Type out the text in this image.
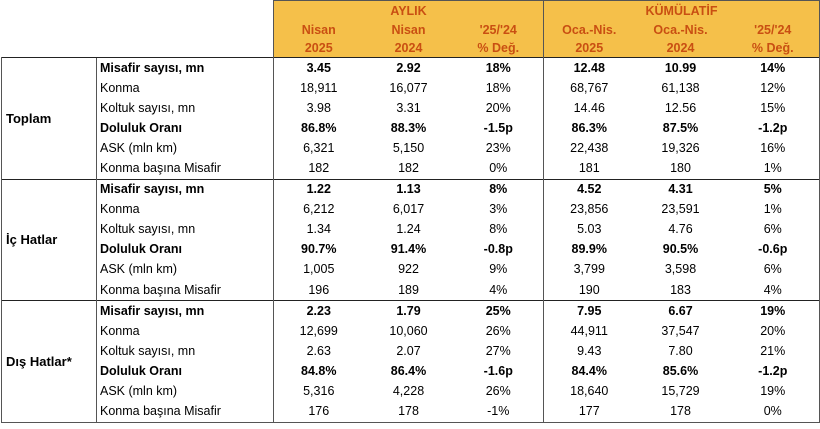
		AYLIK			KÜMÜLATİF		
		Nisan	Nisan	'25/'24	Oca.-Nis.	Oca.-Nis.	'25/'24
		2025	2024	% Değ.	2025	2024	% Değ.
Toplam	Misafir sayısı, mn	3.45	2.92	18%	12.48	10.99	14%
	Konma	18,911	16,077	18%	68,767	61,138	12%
	Koltuk sayısı, mn	3.98	3.31	20%	14.46	12.56	15%
	Doluluk Oranı	86.8%	88.3%	-1.5p	86.3%	87.5%	-1.2p
	ASK (mln km)	6,321	5,150	23%	22,438	19,326	16%
	Konma başına Misafir	182	182	0%	181	180	1%
İç Hatlar	Misafir sayısı, mn	1.22	1.13	8%	4.52	4.31	5%
	Konma	6,212	6,017	3%	23,856	23,591	1%
	Koltuk sayısı, mn	1.34	1.24	8%	5.03	4.76	6%
	Doluluk Oranı	90.7%	91.4%	-0.8p	89.9%	90.5%	-0.6p
	ASK (mln km)	1,005	922	9%	3,799	3,598	6%
	Konma başına Misafir	196	189	4%	190	183	4%
Dış Hatlar*	Misafir sayısı, mn	2.23	1.79	25%	7.95	6.67	19%
	Konma	12,699	10,060	26%	44,911	37,547	20%
	Koltuk sayısı, mn	2.63	2.07	27%	9.43	7.80	21%
	Doluluk Oranı	84.8%	86.4%	-1.6p	84.4%	85.6%	-1.2p
	ASK (mln km)	5,316	4,228	26%	18,640	15,729	19%
	Konma başına Misafir	176	178	-1%	177	178	0%
